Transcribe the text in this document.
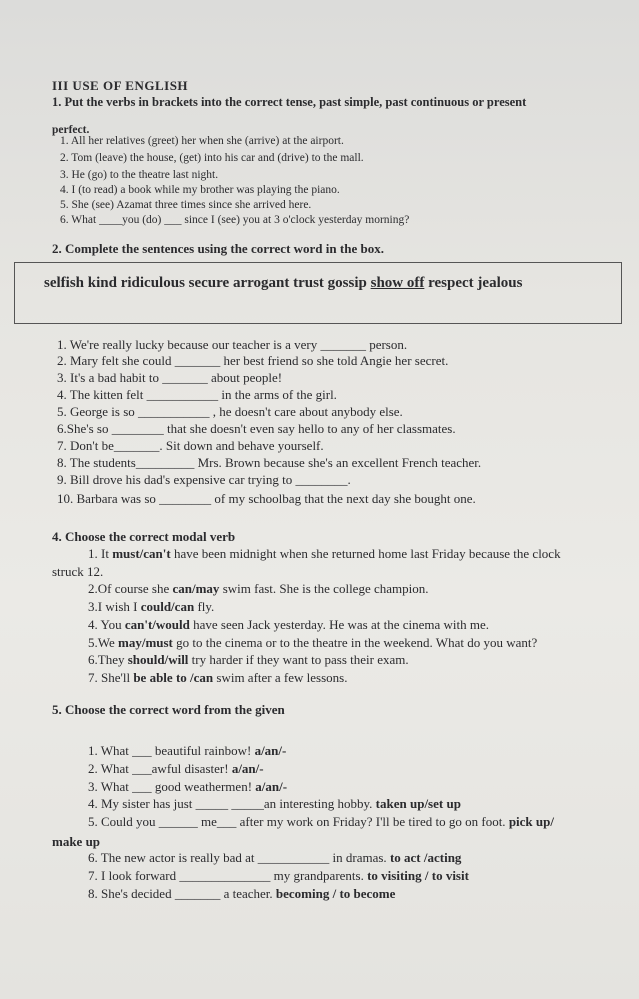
III USE OF ENGLISH
1. Put the verbs in brackets into the correct tense, past simple, past continuous or present
perfect.
1. All her relatives (greet) her when she (arrive) at the airport.
2. Tom (leave) the house, (get) into his car and (drive) to the mall.
3. He (go) to the theatre last night.
4. I (to read) a book while my brother was playing the piano.
5. She (see) Azamat three times since she arrived here.
6. What ____you (do) ___ since I (see) you at 3 o'clock yesterday morning?
2. Complete the sentences using the correct word in the box.
selfish kind ridiculous secure arrogant trust gossip show off respect jealous
1. We're really lucky because our teacher is a very _______ person.
2. Mary felt she could _______ her best friend so she told Angie her secret.
3. It's a bad habit to _______ about people!
4. The kitten felt ___________ in the arms of the girl.
5. George is so ___________ , he doesn't care about anybody else.
6.She's so ________ that she doesn't even say hello to any of her classmates.
7. Don't be_______. Sit down and behave yourself.
8. The students_________ Mrs. Brown because she's an excellent French teacher.
9. Bill drove his dad's expensive car trying to ________.
10. Barbara was so ________ of my schoolbag that the next day she bought one.
4. Choose the correct modal verb
1. It must/can't have been midnight when she returned home last Friday because the clock
struck 12.
2.Of course she can/may swim fast. She is the college champion.
3.I wish I could/can fly.
4. You can't/would have seen Jack yesterday. He was at the cinema with me.
5.We may/must go to the cinema or to the theatre in the weekend. What do you want?
6.They should/will try harder if they want to pass their exam.
7. She'll be able to /can swim after a few lessons.
5. Choose the correct word from the given
1. What ___ beautiful rainbow! a/an/-
2. What ___awful disaster! a/an/-
3. What ___ good weathermen! a/an/-
4. My sister has just _____ _____an interesting hobby. taken up/set up
5. Could you ______ me___ after my work on Friday? I'll be tired to go on foot. pick up/
make up
6. The new actor is really bad at ___________ in dramas. to act /acting
7. I look forward ______________ my grandparents. to visiting / to visit
8. She's decided _______ a teacher. becoming / to become
